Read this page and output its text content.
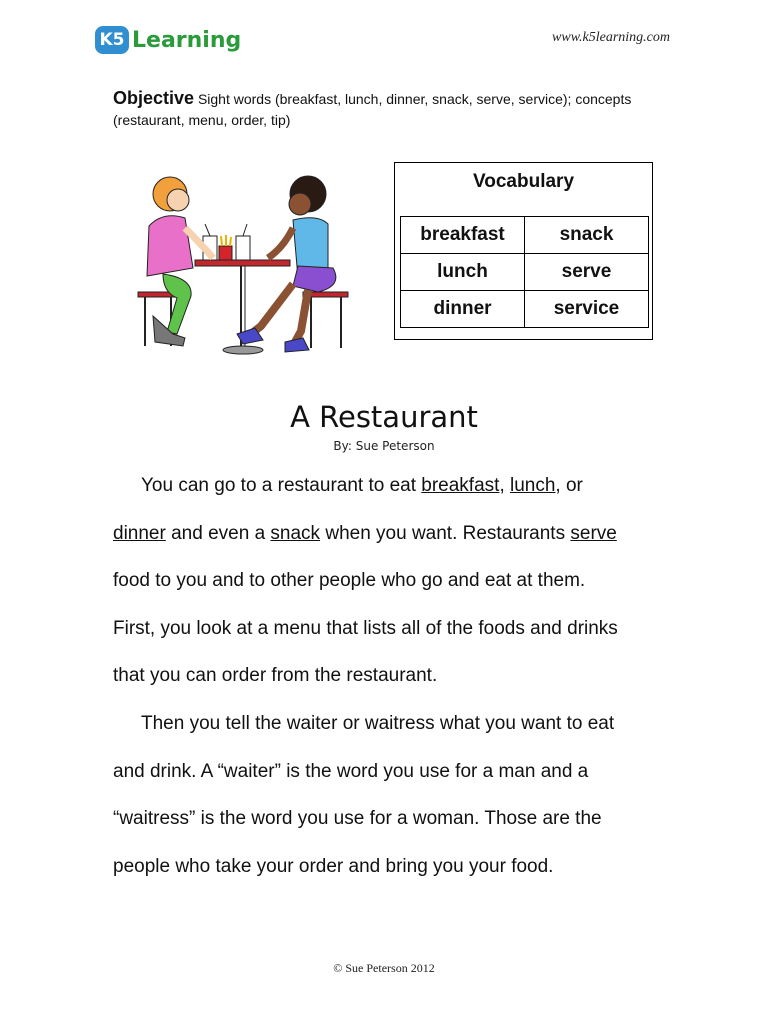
K5 Learning	www.k5learning.com
Objective Sight words (breakfast, lunch, dinner, snack, serve, service); concepts (restaurant, menu, order, tip)
Vocabulary
breakfast	snack
lunch	serve
dinner	service
A Restaurant
By: Sue Peterson
You can go to a restaurant to eat breakfast, lunch, or
dinner and even a snack when you want. Restaurants serve
food to you and to other people who go and eat at them.
First, you look at a menu that lists all of the foods and drinks
that you can order from the restaurant.
Then you tell the waiter or waitress what you want to eat
and drink. A “waiter” is the word you use for a man and a
“waitress” is the word you use for a woman. Those are the
people who take your order and bring you your food.
© Sue Peterson 2012
